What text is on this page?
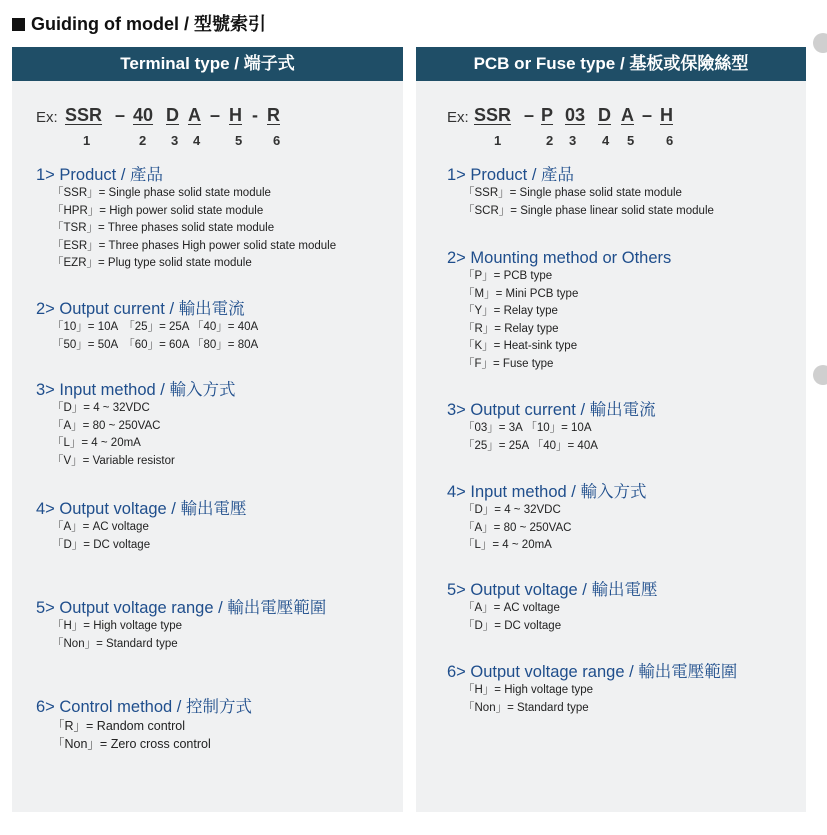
Guiding of model / 型號索引
Terminal type / 端子式
Ex: SSR – 40 D A – H - R
1	2 3 4	5 6
1> Product / 產品
「SSR」= Single phase solid state module
「HPR」= High power solid state module
「TSR」= Three phases solid state module
「ESR」= Three phases High power solid state module
「EZR」= Plug type solid state module
2> Output current / 輸出電流
「10」= 10A　「25」= 25A 「40」= 40A
「50」= 50A　「60」= 60A 「80」= 80A
3> Input method / 輸入方式
「D」= 4 ~ 32VDC
「A」= 80 ~ 250VAC
「L」= 4 ~ 20mA
「V」= Variable resistor
4> Output voltage / 輸出電壓
「A」= AC voltage
「D」= DC voltage
5> Output voltage range / 輸出電壓範圍
「H」= High voltage type
「Non」= Standard type
6> Control method / 控制方式
「R」= Random control
「Non」= Zero cross control
PCB or Fuse type / 基板或保險絲型
Ex: SSR – P 03 D A – H
1	2 3 4 5 6
1> Product / 產品
「SSR」= Single phase solid state module
「SCR」= Single phase linear solid state module
2> Mounting method or Others
「P」= PCB type
「M」= Mini PCB type
「Y」= Relay type
「R」= Relay type
「K」= Heat-sink type
「F」= Fuse type
3> Output current / 輸出電流
「03」= 3A 「10」= 10A
「25」= 25A 「40」= 40A
4> Input method / 輸入方式
「D」= 4 ~ 32VDC
「A」= 80 ~ 250VAC
「L」= 4 ~ 20mA
5> Output voltage / 輸出電壓
「A」= AC voltage
「D」= DC voltage
6> Output voltage range / 輸出電壓範圍
「H」= High voltage type
「Non」= Standard type
